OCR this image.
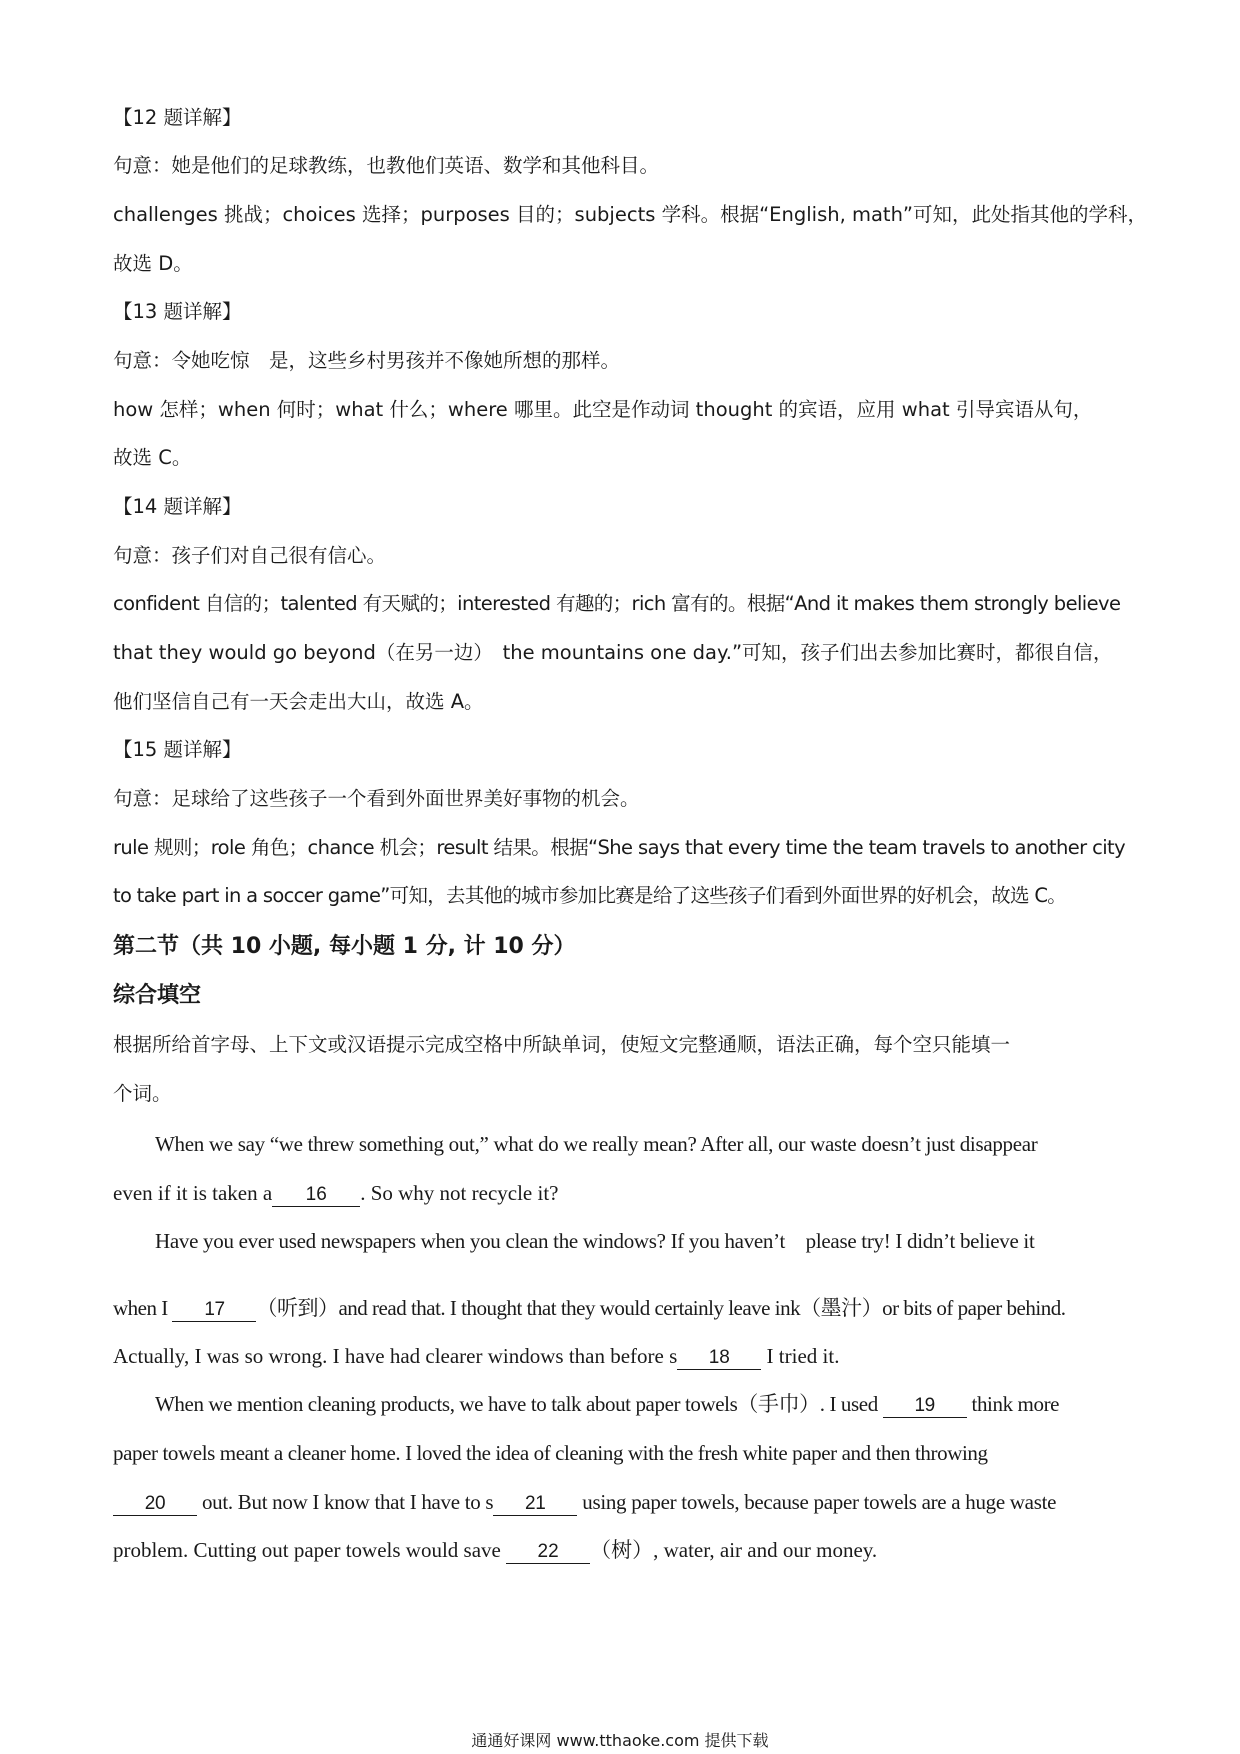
【12 题详解】
句意：她是他们的足球教练，也教他们英语、数学和其他科目。
challenges 挑战；choices 选择；purposes 目的；subjects 学科。根据“English, math”可知，此处指其他的学科，
故选 D。
【13 题详解】
句意：令她吃惊　是，这些乡村男孩并不像她所想的那样。
how 怎样；when 何时；what 什么；where 哪里。此空是作动词 thought 的宾语，应用 what 引导宾语从句，
故选 C。
【14 题详解】
句意：孩子们对自己很有信心。
confident 自信的；talented 有天赋的；interested 有趣的；rich 富有的。根据“And it makes them strongly believe
that they would go beyond（在另一边）　the mountains one day.”可知，孩子们出去参加比赛时，都很自信，
他们坚信自己有一天会走出大山，故选 A。
【15 题详解】
句意：足球给了这些孩子一个看到外面世界美好事物的机会。
rule 规则；role 角色；chance 机会；result 结果。根据“She says that every time the team travels to another city
to take part in a soccer game”可知，去其他的城市参加比赛是给了这些孩子们看到外面世界的好机会，故选 C。
第二节（共 10 小题, 每小题 1 分, 计 10 分）
综合填空
根据所给首字母、上下文或汉语提示完成空格中所缺单词，使短文完整通顺，语法正确，每个空只能填一
个词。
When we say “we threw something out,” what do we really mean? After all, our waste doesn’t just disappear
even if it is taken a 16 . So why not recycle it?
Have you ever used newspapers when you clean the windows? If you haven’t　please try! I didn’t believe it
when I 17 （听到）and read that. I thought that they would certainly leave ink（墨汁）or bits of paper behind.
Actually, I was so wrong. I have had clearer windows than before s 18 I tried it.
When we mention cleaning products, we have to talk about paper towels（手巾）. I used 19 think more
paper towels meant a cleaner home. I loved the idea of cleaning with the fresh white paper and then throwing
20 out. But now I know that I have to s 21 using paper towels, because paper towels are a huge waste
problem. Cutting out paper towels would save 22 （树）, water, air and our money.
通通好课网 www.tthaoke.com 提供下载
